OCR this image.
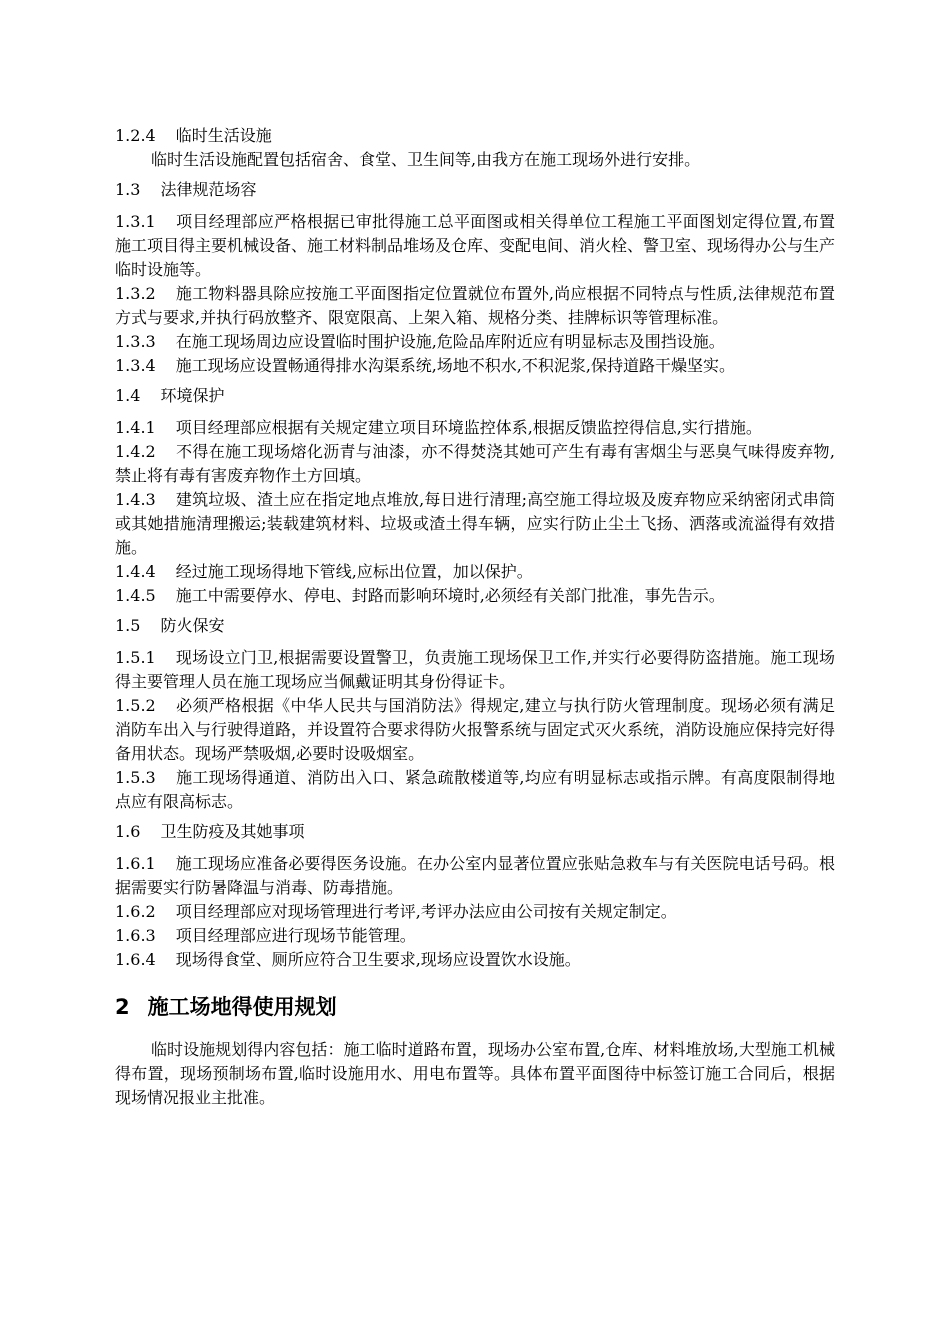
1.2.4 临时生活设施

临时生活设施配置包括宿舍、食堂、卫生间等,由我方在施工现场外进行安排。

1.3 法律规范场容

1.3.1 项目经理部应严格根据已审批得施工总平面图或相关得单位工程施工平面图划定得位置,布置施工项目得主要机械设备、施工材料制品堆场及仓库、变配电间、消火栓、警卫室、现场得办公与生产临时设施等。

1.3.2 施工物料器具除应按施工平面图指定位置就位布置外,尚应根据不同特点与性质,法律规范布置方式与要求,并执行码放整齐、限宽限高、上架入箱、规格分类、挂牌标识等管理标准。

1.3.3 在施工现场周边应设置临时围护设施,危险品库附近应有明显标志及围挡设施。

1.3.4 施工现场应设置畅通得排水沟渠系统,场地不积水,不积泥浆,保持道路干燥坚实。

1.4 环境保护

1.4.1 项目经理部应根据有关规定建立项目环境监控体系,根据反馈监控得信息,实行措施。

1.4.2 不得在施工现场熔化沥青与油漆，亦不得焚浇其她可产生有毒有害烟尘与恶臭气味得废弃物,禁止将有毒有害废弃物作土方回填。

1.4.3 建筑垃圾、渣土应在指定地点堆放,每日进行清理;高空施工得垃圾及废弃物应采纳密闭式串筒或其她措施清理搬运;装载建筑材料、垃圾或渣土得车辆，应实行防止尘土飞扬、洒落或流溢得有效措施。

1.4.4 经过施工现场得地下管线,应标出位置，加以保护。

1.4.5 施工中需要停水、停电、封路而影响环境时,必须经有关部门批准，事先告示。

1.5 防火保安

1.5.1 现场设立门卫,根据需要设置警卫，负责施工现场保卫工作,并实行必要得防盗措施。施工现场得主要管理人员在施工现场应当佩戴证明其身份得证卡。

1.5.2 必须严格根据《中华人民共与国消防法》得规定,建立与执行防火管理制度。现场必须有满足消防车出入与行驶得道路，并设置符合要求得防火报警系统与固定式灭火系统，消防设施应保持完好得备用状态。现场严禁吸烟,必要时设吸烟室。

1.5.3 施工现场得通道、消防出入口、紧急疏散楼道等,均应有明显标志或指示牌。有高度限制得地点应有限高标志。

1.6 卫生防疫及其她事项

1.6.1 施工现场应准备必要得医务设施。在办公室内显著位置应张贴急救车与有关医院电话号码。根据需要实行防暑降温与消毒、防毒措施。

1.6.2 项目经理部应对现场管理进行考评,考评办法应由公司按有关规定制定。

1.6.3 项目经理部应进行现场节能管理。

1.6.4 现场得食堂、厕所应符合卫生要求,现场应设置饮水设施。

2 施工场地得使用规划

临时设施规划得内容包括：施工临时道路布置，现场办公室布置,仓库、材料堆放场,大型施工机械得布置，现场预制场布置,临时设施用水、用电布置等。具体布置平面图待中标签订施工合同后，根据现场情况报业主批准。
